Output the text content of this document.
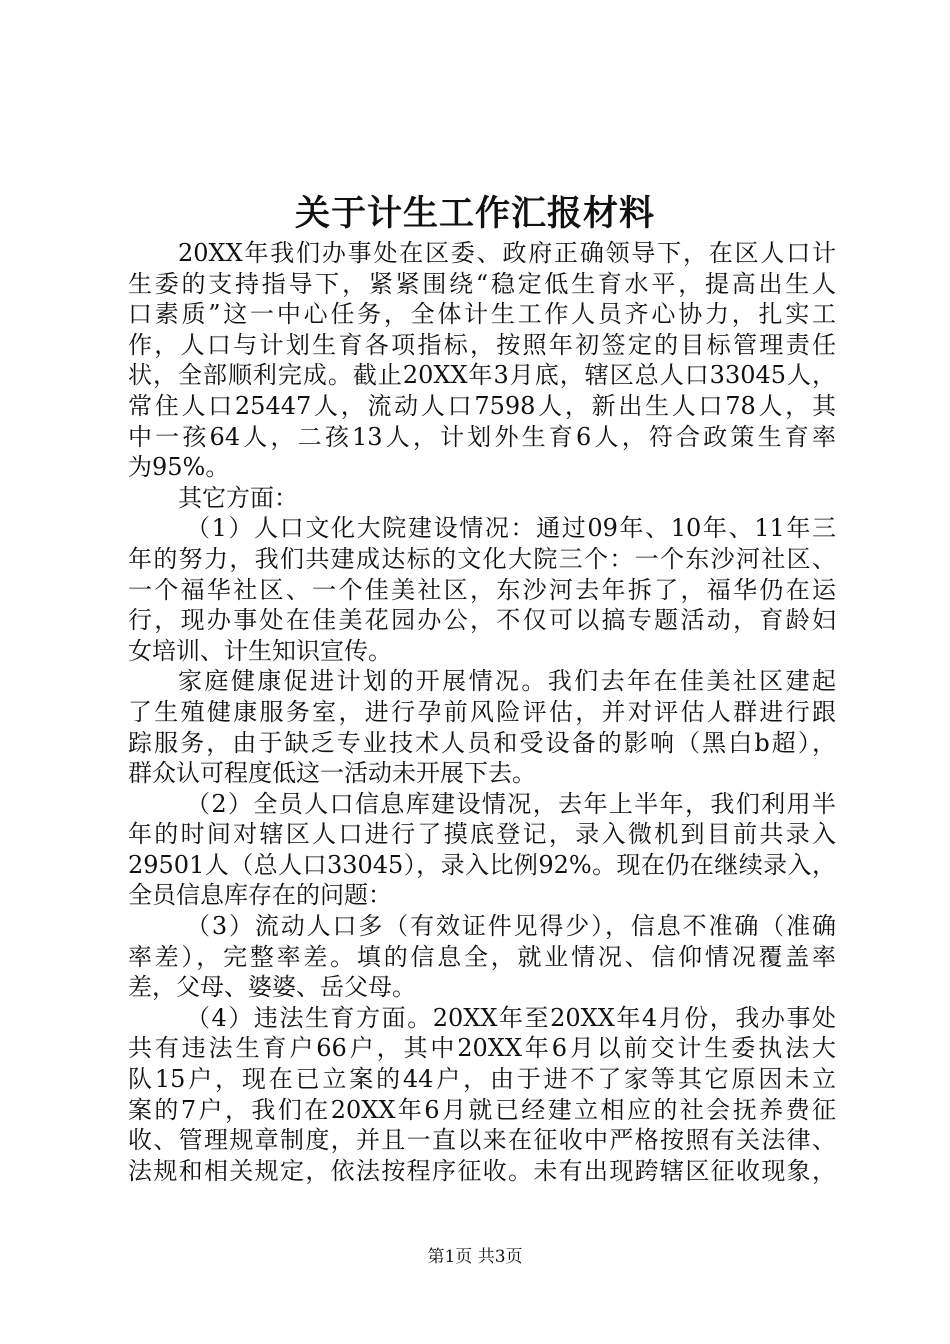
关于计生工作汇报材料
20XX年我们办事处在区委、政府正确领导下，在区人口计
生委的支持指导下，紧紧围绕“稳定低生育水平，提高出生人
口素质”这一中心任务，全体计生工作人员齐心协力，扎实工
作，人口与计划生育各项指标，按照年初签定的目标管理责任
状，全部顺利完成。截止20XX年3月底，辖区总人口33045人，
常住人口25447人，流动人口7598人，新出生人口78人，其
中一孩64人，二孩13人，计划外生育6人，符合政策生育率
为95%。
其它方面：
（1）人口文化大院建设情况：通过09年、10年、11年三
年的努力，我们共建成达标的文化大院三个：一个东沙河社区、
一个福华社区、一个佳美社区，东沙河去年拆了，福华仍在运
行，现办事处在佳美花园办公，不仅可以搞专题活动，育龄妇
女培训、计生知识宣传。
家庭健康促进计划的开展情况。我们去年在佳美社区建起
了生殖健康服务室，进行孕前风险评估，并对评估人群进行跟
踪服务，由于缺乏专业技术人员和受设备的影响（黑白b超），
群众认可程度低这一活动未开展下去。
（2）全员人口信息库建设情况，去年上半年，我们利用半
年的时间对辖区人口进行了摸底登记，录入微机到目前共录入
29501人（总人口33045），录入比例92%。现在仍在继续录入，
全员信息库存在的问题：
（3）流动人口多（有效证件见得少），信息不准确（准确
率差），完整率差。填的信息全，就业情况、信仰情况覆盖率
差，父母、婆婆、岳父母。
（4）违法生育方面。20XX年至20XX年4月份，我办事处
共有违法生育户66户，其中20XX年6月以前交计生委执法大
队15户，现在已立案的44户，由于进不了家等其它原因未立
案的7户，我们在20XX年6月就已经建立相应的社会抚养费征
收、管理规章制度，并且一直以来在征收中严格按照有关法律、
法规和相关规定，依法按程序征收。未有出现跨辖区征收现象，
第1页 共3页
